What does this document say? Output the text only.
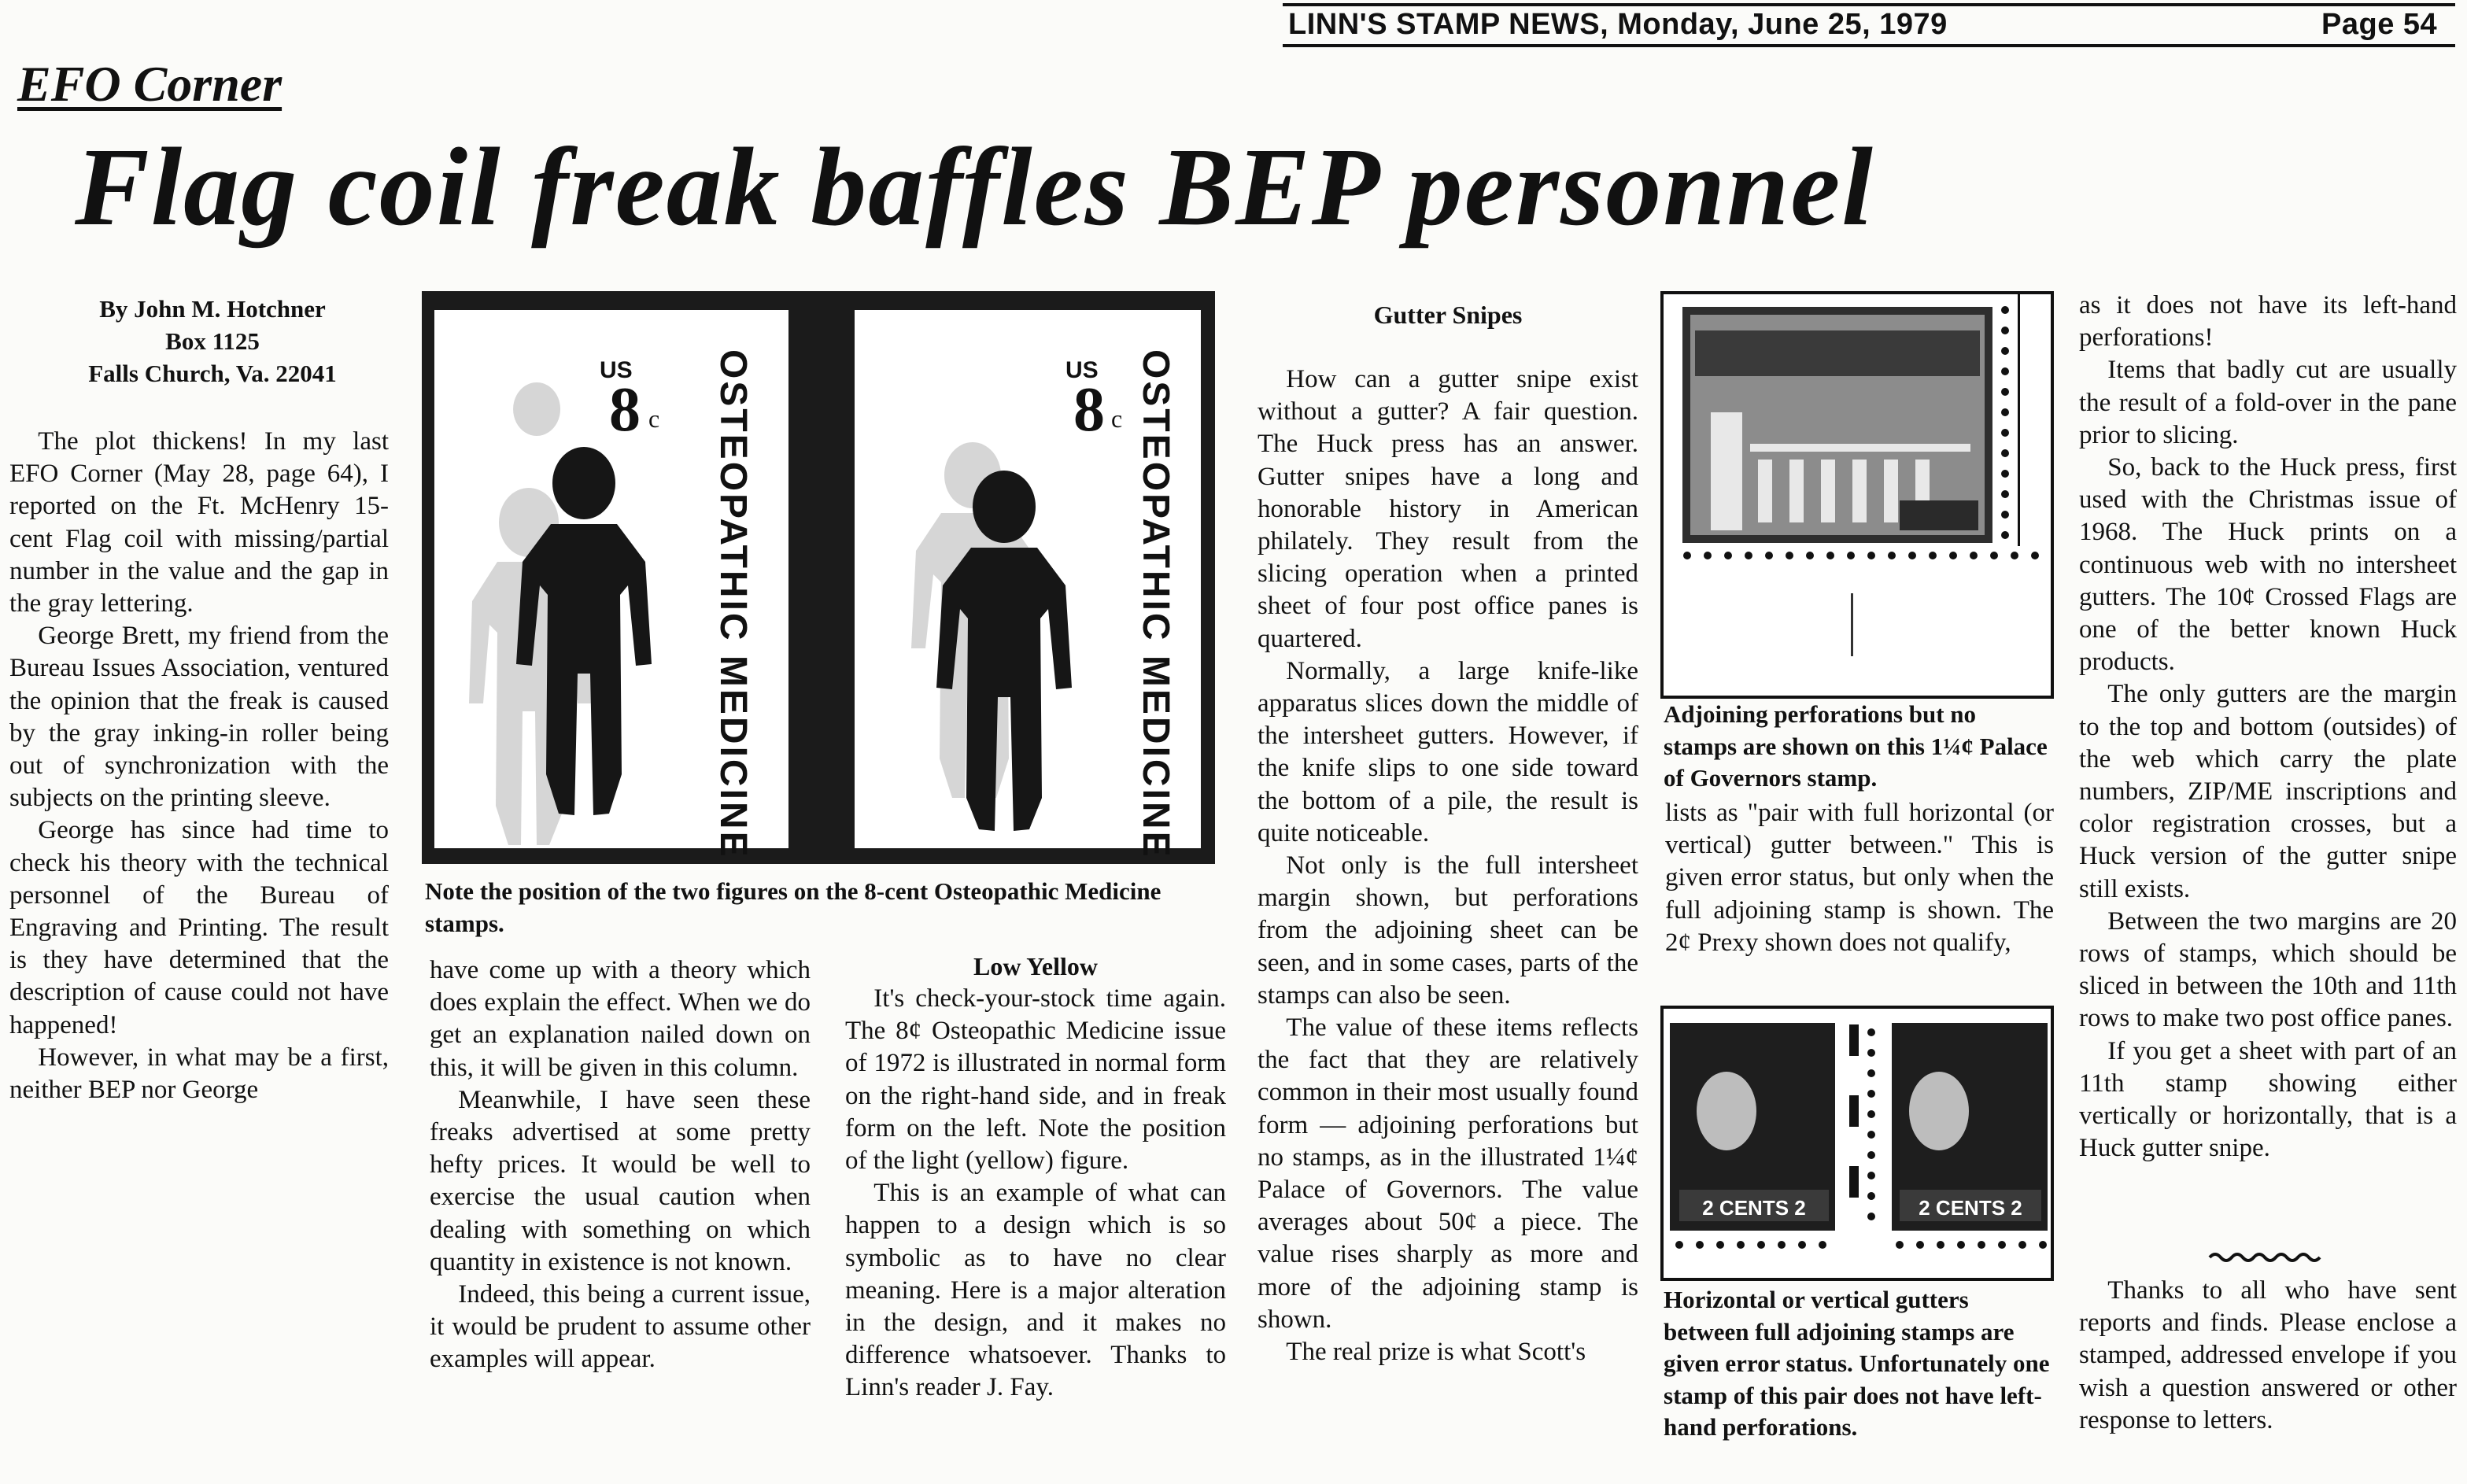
LINN'S STAMP NEWS, Monday, June 25, 1979	Page 54
EFO Corner
Flag coil freak baffles BEP personnel
By John M. Hotchner
Box 1125
Falls Church, Va. 22041

The plot thickens! In my last EFO Corner (May 28, page 64), I reported on the Ft. McHenry 15-cent Flag coil with missing/partial number in the value and the gap in the gray lettering.

George Brett, my friend from the Bureau Issues Association, ventured the opinion that the freak is caused by the gray inking-in roller being out of synchronization with the subjects on the printing sleeve.

George has since had time to check his theory with the technical personnel of the Bureau of Engraving and Printing. The result is they have determined that the description of cause could not have happened!

However, in what may be a first, neither BEP nor George

US
8 c OSTEOPATHIC MEDICINE	US
8 c OSTEOPATHIC MEDICINE
Note the position of the two figures on the 8-cent Osteopathic Medicine stamps.

have come up with a theory which does explain the effect. When we do get an explanation nailed down on this, it will be given in this column.

Meanwhile, I have seen these freaks advertised at some pretty hefty prices. It would be well to exercise the usual caution when dealing with something on which quantity in existence is not known.

Indeed, this being a current issue, it would be prudent to assume other examples will appear.

Low Yellow

It's check-your-stock time again. The 8¢ Osteopathic Medicine issue of 1972 is illustrated in normal form on the right-hand side, and in freak form on the left. Note the position of the light (yellow) figure.

This is an example of what can happen to a design which is so symbolic as to have no clear meaning. Here is a major alteration in the design, and it makes no difference whatsoever. Thanks to Linn's reader J. Fay.

Gutter Snipes

How can a gutter snipe exist without a gutter? A fair question. The Huck press has an answer. Gutter snipes have a long and honorable history in American philately. They result from the slicing operation when a printed sheet of four post office panes is quartered.

Normally, a large knife-like apparatus slices down the middle of the intersheet gutters. However, if the knife slips to one side toward the bottom of a pile, the result is quite noticeable.

Not only is the full intersheet margin shown, but perforations from the adjoining sheet can be seen, and in some cases, parts of the stamps can also be seen.

The value of these items reflects the fact that they are relatively common in their most usually found form — adjoining perforations but no stamps, as in the illustrated 1¼¢ Palace of Governors. The value averages about 50¢ a piece. The value rises sharply as more and more of the adjoining stamp is shown.

The real prize is what Scott's

Adjoining perforations but no stamps are shown on this 1¼¢ Palace of Governors stamp.

lists as "pair with full horizontal (or vertical) gutter between." This is given error status, but only when the full adjoining stamp is shown. The 2¢ Prexy shown does not qualify,

2 CENTS 2	2 CENTS 2
Horizontal or vertical gutters between full adjoining stamps are given error status. Unfortunately one stamp of this pair does not have left-hand perforations.

as it does not have its left-hand perforations!

Items that badly cut are usually the result of a fold-over in the pane prior to slicing.

So, back to the Huck press, first used with the Christmas issue of 1968. The Huck prints on a continuous web with no intersheet gutters. The 10¢ Crossed Flags are one of the better known Huck products.

The only gutters are the margin to the top and bottom (outsides) of the web which carry the plate numbers, ZIP/ME inscriptions and color registration crosses, but a Huck version of the gutter snipe still exists.

Between the two margins are 20 rows of stamps, which should be sliced in between the 10th and 11th rows to make two post office panes.

If you get a sheet with part of an 11th stamp showing either vertically or horizontally, that is a Huck gutter snipe.

Thanks to all who have sent reports and finds. Please enclose a stamped, addressed envelope if you wish a question answered or other response to letters.
